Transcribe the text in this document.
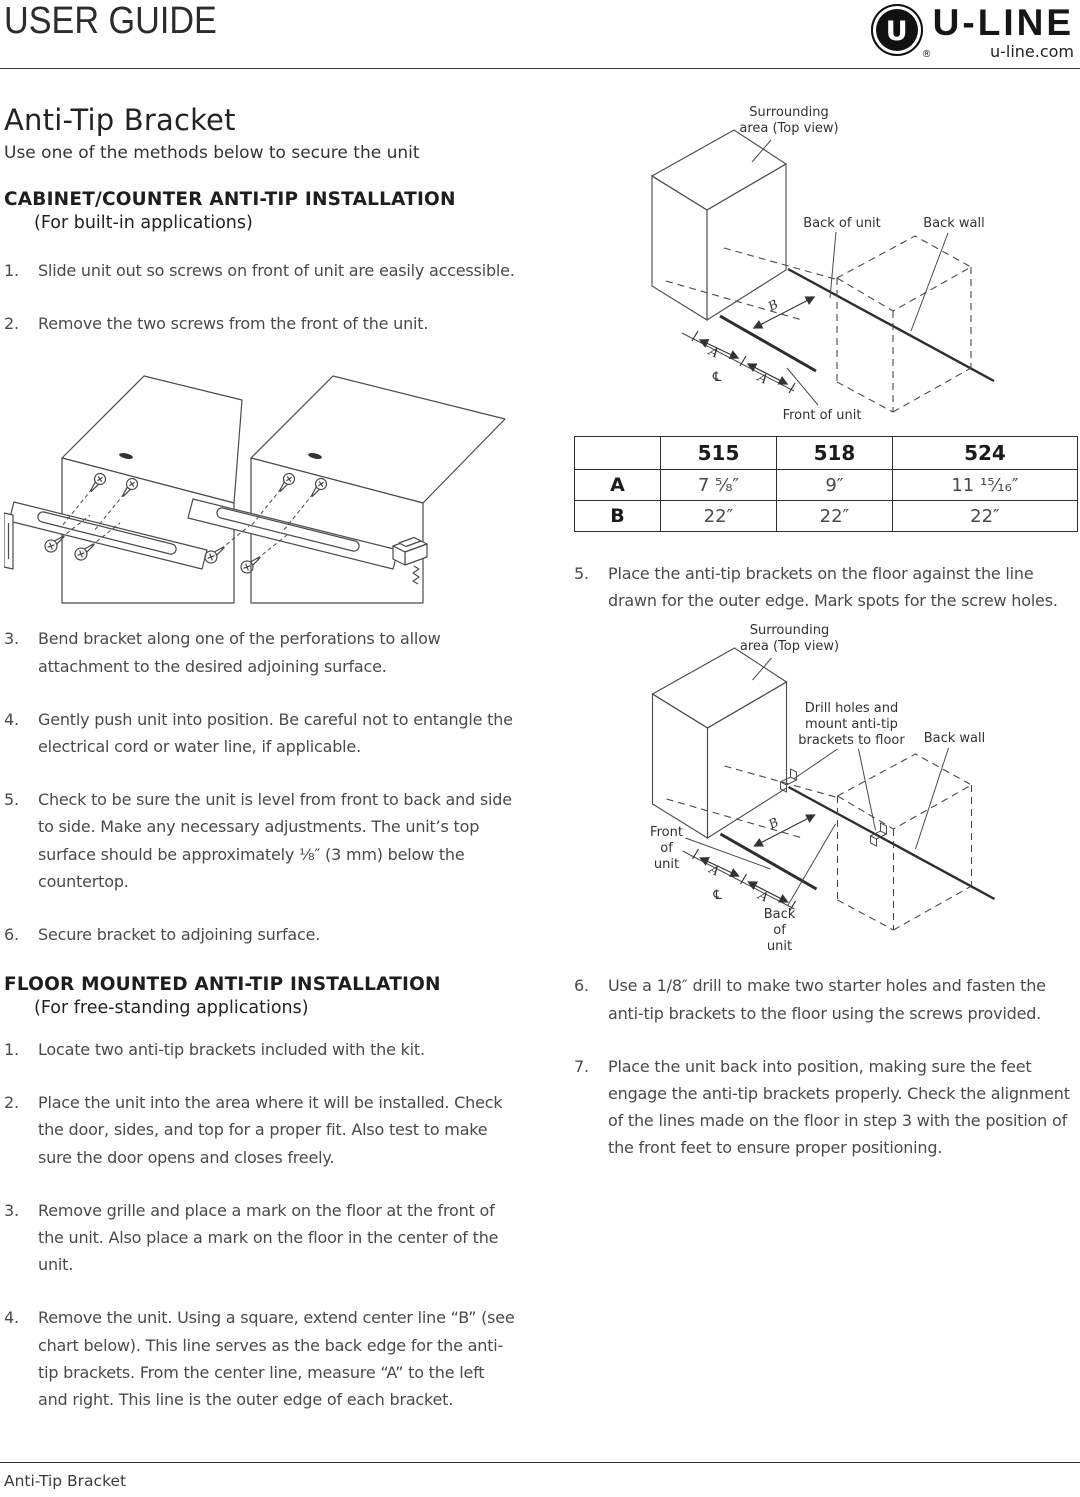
USER GUIDE	U
®
U-LINE
u-line.com
Anti-Tip Bracket
Use one of the methods below to secure the unit
CABINET/COUNTER ANTI-TIP INSTALLATION
(For built-in applications)
1.	Slide unit out so screws on front of unit are easily accessible.
2.	Remove the two screws from the front of the unit.
3.	Bend bracket along one of the perforations to allow attachment to the desired adjoining surface.
4.	Gently push unit into position. Be careful not to entangle the electrical cord or water line, if applicable.
5.	Check to be sure the unit is level from front to back and side to side. Make any necessary adjustments. The unit’s top surface should be approximately ⅛″ (3 mm) below the countertop.
6.	Secure bracket to adjoining surface.
FLOOR MOUNTED ANTI-TIP INSTALLATION
(For free-standing applications)
1.	Locate two anti-tip brackets included with the kit.
2.	Place the unit into the area where it will be installed. Check the door, sides, and top for a proper fit. Also test to make sure the door opens and closes freely.
3.	Remove grille and place a mark on the floor at the front of the unit. Also place a mark on the floor in the center of the unit.
4.	Remove the unit. Using a square, extend center line “B” (see chart below). This line serves as the back edge for the anti-tip brackets. From the center line, measure “A” to the left and right. This line is the outer edge of each bracket.
Surrounding
area (Top view)
Back of unit	Back wall
Front of unit
B
A
A
℄
	515	518	524
A	7 ⁵⁄₈″	9″	11 ¹⁵⁄₁₆″
B	22″	22″	22″
5.	Place the anti-tip brackets on the floor against the line drawn for the outer edge. Mark spots for the screw holes.
Surrounding
area (Top view)
Drill holes and
mount anti-tip
brackets to floor Back wall
Front
of
unit
Back
of
unit
B
A
A
℄
6.	Use a 1/8″ drill to make two starter holes and fasten the anti-tip brackets to the floor using the screws provided.
7.	Place the unit back into position, making sure the feet engage the anti-tip brackets properly. Check the alignment of the lines made on the floor in step 3 with the position of the front feet to ensure proper positioning.
Anti-Tip Bracket
